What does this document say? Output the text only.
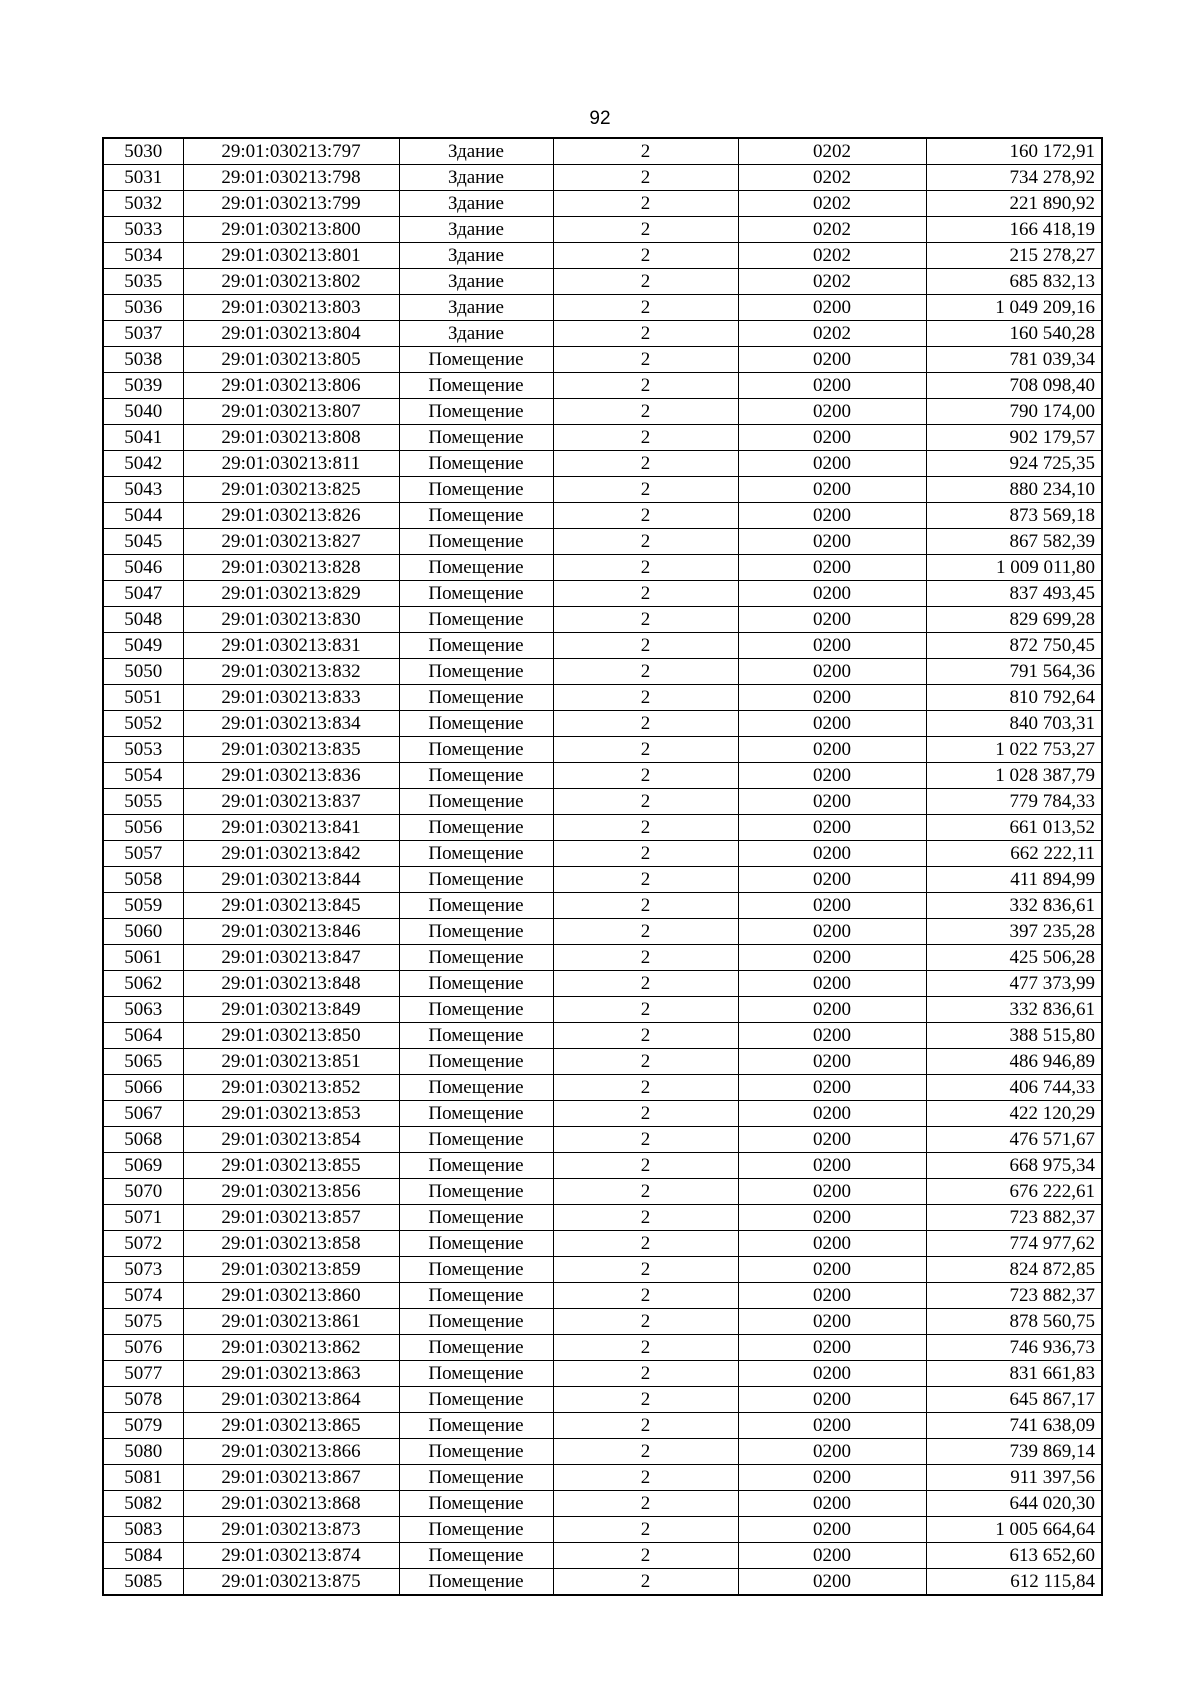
92
5030	29:01:030213:797	Здание	2	0202	160 172,91
5031	29:01:030213:798	Здание	2	0202	734 278,92
5032	29:01:030213:799	Здание	2	0202	221 890,92
5033	29:01:030213:800	Здание	2	0202	166 418,19
5034	29:01:030213:801	Здание	2	0202	215 278,27
5035	29:01:030213:802	Здание	2	0202	685 832,13
5036	29:01:030213:803	Здание	2	0200	1 049 209,16
5037	29:01:030213:804	Здание	2	0202	160 540,28
5038	29:01:030213:805	Помещение	2	0200	781 039,34
5039	29:01:030213:806	Помещение	2	0200	708 098,40
5040	29:01:030213:807	Помещение	2	0200	790 174,00
5041	29:01:030213:808	Помещение	2	0200	902 179,57
5042	29:01:030213:811	Помещение	2	0200	924 725,35
5043	29:01:030213:825	Помещение	2	0200	880 234,10
5044	29:01:030213:826	Помещение	2	0200	873 569,18
5045	29:01:030213:827	Помещение	2	0200	867 582,39
5046	29:01:030213:828	Помещение	2	0200	1 009 011,80
5047	29:01:030213:829	Помещение	2	0200	837 493,45
5048	29:01:030213:830	Помещение	2	0200	829 699,28
5049	29:01:030213:831	Помещение	2	0200	872 750,45
5050	29:01:030213:832	Помещение	2	0200	791 564,36
5051	29:01:030213:833	Помещение	2	0200	810 792,64
5052	29:01:030213:834	Помещение	2	0200	840 703,31
5053	29:01:030213:835	Помещение	2	0200	1 022 753,27
5054	29:01:030213:836	Помещение	2	0200	1 028 387,79
5055	29:01:030213:837	Помещение	2	0200	779 784,33
5056	29:01:030213:841	Помещение	2	0200	661 013,52
5057	29:01:030213:842	Помещение	2	0200	662 222,11
5058	29:01:030213:844	Помещение	2	0200	411 894,99
5059	29:01:030213:845	Помещение	2	0200	332 836,61
5060	29:01:030213:846	Помещение	2	0200	397 235,28
5061	29:01:030213:847	Помещение	2	0200	425 506,28
5062	29:01:030213:848	Помещение	2	0200	477 373,99
5063	29:01:030213:849	Помещение	2	0200	332 836,61
5064	29:01:030213:850	Помещение	2	0200	388 515,80
5065	29:01:030213:851	Помещение	2	0200	486 946,89
5066	29:01:030213:852	Помещение	2	0200	406 744,33
5067	29:01:030213:853	Помещение	2	0200	422 120,29
5068	29:01:030213:854	Помещение	2	0200	476 571,67
5069	29:01:030213:855	Помещение	2	0200	668 975,34
5070	29:01:030213:856	Помещение	2	0200	676 222,61
5071	29:01:030213:857	Помещение	2	0200	723 882,37
5072	29:01:030213:858	Помещение	2	0200	774 977,62
5073	29:01:030213:859	Помещение	2	0200	824 872,85
5074	29:01:030213:860	Помещение	2	0200	723 882,37
5075	29:01:030213:861	Помещение	2	0200	878 560,75
5076	29:01:030213:862	Помещение	2	0200	746 936,73
5077	29:01:030213:863	Помещение	2	0200	831 661,83
5078	29:01:030213:864	Помещение	2	0200	645 867,17
5079	29:01:030213:865	Помещение	2	0200	741 638,09
5080	29:01:030213:866	Помещение	2	0200	739 869,14
5081	29:01:030213:867	Помещение	2	0200	911 397,56
5082	29:01:030213:868	Помещение	2	0200	644 020,30
5083	29:01:030213:873	Помещение	2	0200	1 005 664,64
5084	29:01:030213:874	Помещение	2	0200	613 652,60
5085	29:01:030213:875	Помещение	2	0200	612 115,84
